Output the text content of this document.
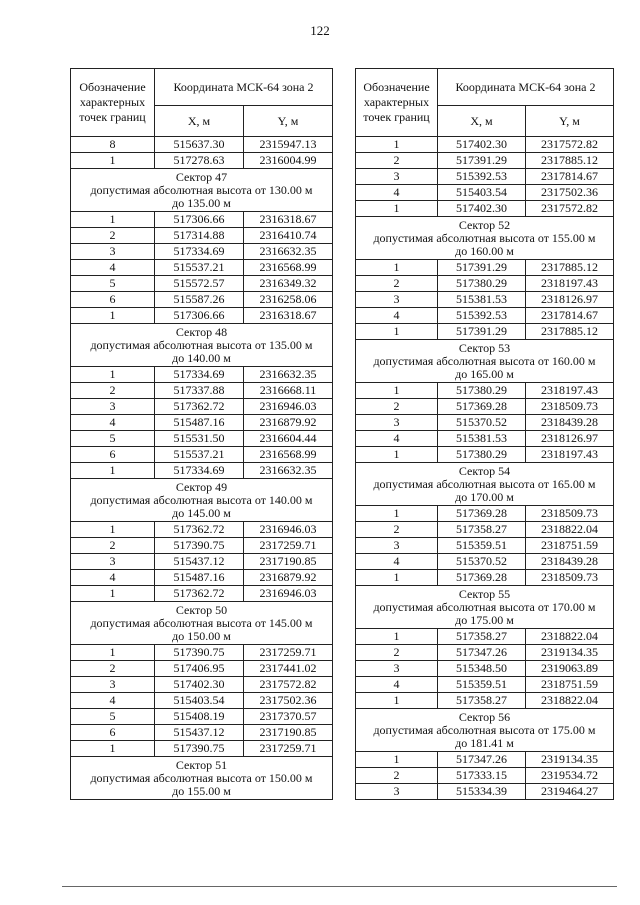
122
Обозначение характерных точек границ	Координата МСК-64 зона 2	
	X, м	Y, м
8	515637.30	2315947.13
1	517278.63	2316004.99

Сектор 47
допустимая абсолютная высота от 130.00 м
до 135.00 м		

1	517306.66	2316318.67
2	517314.88	2316410.74
3	517334.69	2316632.35
4	515537.21	2316568.99
5	515572.57	2316349.32
6	515587.26	2316258.06
1	517306.66	2316318.67

Сектор 48
допустимая абсолютная высота от 135.00 м
до 140.00 м		

1	517334.69	2316632.35
2	517337.88	2316668.11
3	517362.72	2316946.03
4	515487.16	2316879.92
5	515531.50	2316604.44
6	515537.21	2316568.99
1	517334.69	2316632.35

Сектор 49
допустимая абсолютная высота от 140.00 м
до 145.00 м		

1	517362.72	2316946.03
2	517390.75	2317259.71
3	515437.12	2317190.85
4	515487.16	2316879.92
1	517362.72	2316946.03

Сектор 50
допустимая абсолютная высота от 145.00 м
до 150.00 м		

1	517390.75	2317259.71
2	517406.95	2317441.02
3	517402.30	2317572.82
4	515403.54	2317502.36
5	515408.19	2317370.57
6	515437.12	2317190.85
1	517390.75	2317259.71

Сектор 51
допустимая абсолютная высота от 150.00 м
до 155.00 м		
Обозначение характерных точек границ	Координата МСК-64 зона 2	
	X, м	Y, м
1	517402.30	2317572.82
2	517391.29	2317885.12
3	515392.53	2317814.67
4	515403.54	2317502.36
1	517402.30	2317572.82

Сектор 52
допустимая абсолютная высота от 155.00 м
до 160.00 м		

1	517391.29	2317885.12
2	517380.29	2318197.43
3	515381.53	2318126.97
4	515392.53	2317814.67
1	517391.29	2317885.12

Сектор 53
допустимая абсолютная высота от 160.00 м
до 165.00 м		

1	517380.29	2318197.43
2	517369.28	2318509.73
3	515370.52	2318439.28
4	515381.53	2318126.97
1	517380.29	2318197.43

Сектор 54
допустимая абсолютная высота от 165.00 м
до 170.00 м		

1	517369.28	2318509.73
2	517358.27	2318822.04
3	515359.51	2318751.59
4	515370.52	2318439.28
1	517369.28	2318509.73

Сектор 55
допустимая абсолютная высота от 170.00 м
до 175.00 м		

1	517358.27	2318822.04
2	517347.26	2319134.35
3	515348.50	2319063.89
4	515359.51	2318751.59
1	517358.27	2318822.04

Сектор 56
допустимая абсолютная высота от 175.00 м
до 181.41 м		

1	517347.26	2319134.35
2	517333.15	2319534.72
3	515334.39	2319464.27
